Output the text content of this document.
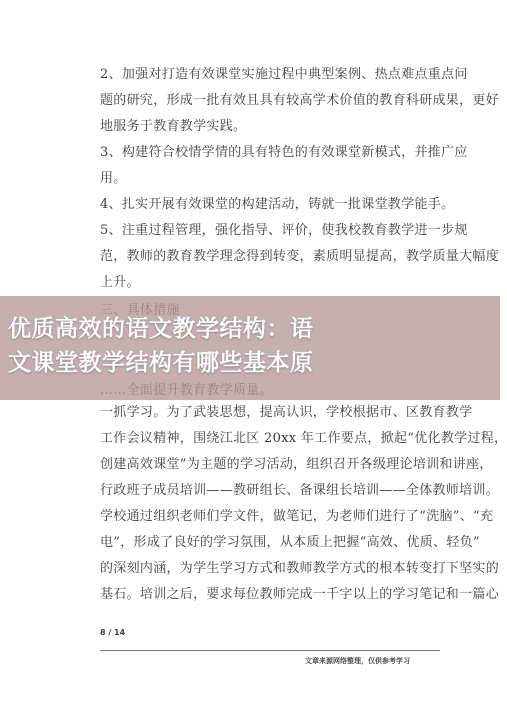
2、加强对打造有效课堂实施过程中典型案例、热点难点重点问
题的研究，形成一批有效且具有较高学术价值的教育科研成果，更好
地服务于教育教学实践。
3、构建符合校情学情的具有特色的有效课堂新模式，并推广应
用。
4、扎实开展有效课堂的构建活动，铸就一批课堂教学能手。
5、注重过程管理，强化指导、评价，使我校教育教学进一步规
范，教师的教育教学理念得到转变，素质明显提高，教学质量大幅度
上升。
一抓学习。为了武装思想，提高认识，学校根据市、区教育教学
工作会议精神，围绕江北区 20xx 年工作要点，掀起“优化教学过程，
创建高效课堂”为主题的学习活动，组织召开各级理论培训和讲座，
行政班子成员培训——教研组长、备课组长培训——全体教师培训。
学校通过组织老师们学文件，做笔记，为老师们进行了“洗脑”、“充
电”，形成了良好的学习氛围，从本质上把握“高效、优质、轻负”
的深刻内涵，为学生学习方式和教师教学方式的根本转变打下坚实的
基石。培训之后，要求每位教师完成一千字以上的学习笔记和一篇心
8 / 14
文章来源网络整理，仅供参考学习
优质高效的语文教学结构：语
文课堂教学结构有哪些基本原
